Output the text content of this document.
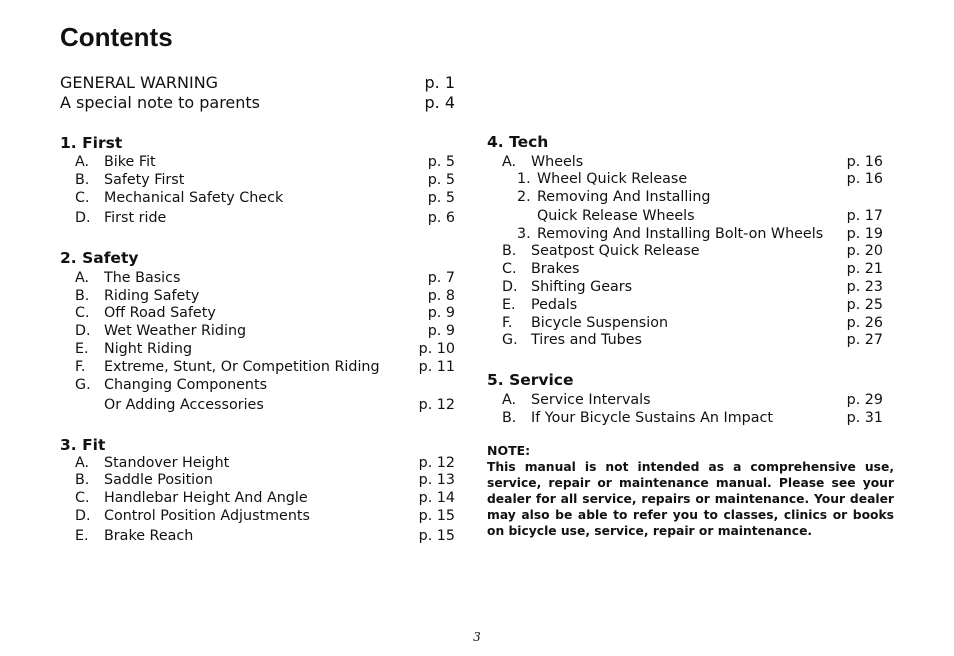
Contents
GENERAL WARNING	p. 1
A special note to parents	p. 4
1. First
A. Bike Fit	p. 5
B. Safety First	p. 5
C. Mechanical Safety Check	p. 5
D. First ride	p. 6
2. Safety
A. The Basics	p. 7
B. Riding Safety	p. 8
C. Off Road Safety	p. 9
D. Wet Weather Riding	p. 9
E. Night Riding	p. 10
F. Extreme, Stunt, Or Competition Riding	p. 11
G. Changing Components
Or Adding Accessories	p. 12
3. Fit
A. Standover Height	p. 12
B. Saddle Position	p. 13
C. Handlebar Height And Angle	p. 14
D. Control Position Adjustments	p. 15
E. Brake Reach	p. 15
4. Tech
A. Wheels	p. 16
1. Wheel Quick Release	p. 16
2. Removing And Installing
Quick Release Wheels	p. 17
3. Removing And Installing Bolt-on Wheels p. 19
B. Seatpost Quick Release	p. 20
C. Brakes	p. 21
D. Shifting Gears	p. 23
E. Pedals	p. 25
F. Bicycle Suspension	p. 26
G. Tires and Tubes	p. 27
5. Service
A. Service Intervals	p. 29
B. If Your Bicycle Sustains An Impact	p. 31
NOTE:
This manual is not intended as a comprehensive use, service, repair or maintenance manual. Please see your dealer for all service, repairs or maintenance. Your dealer may also be able to refer you to classes, clinics or books on bicycle use, service, repair or maintenance.
3
